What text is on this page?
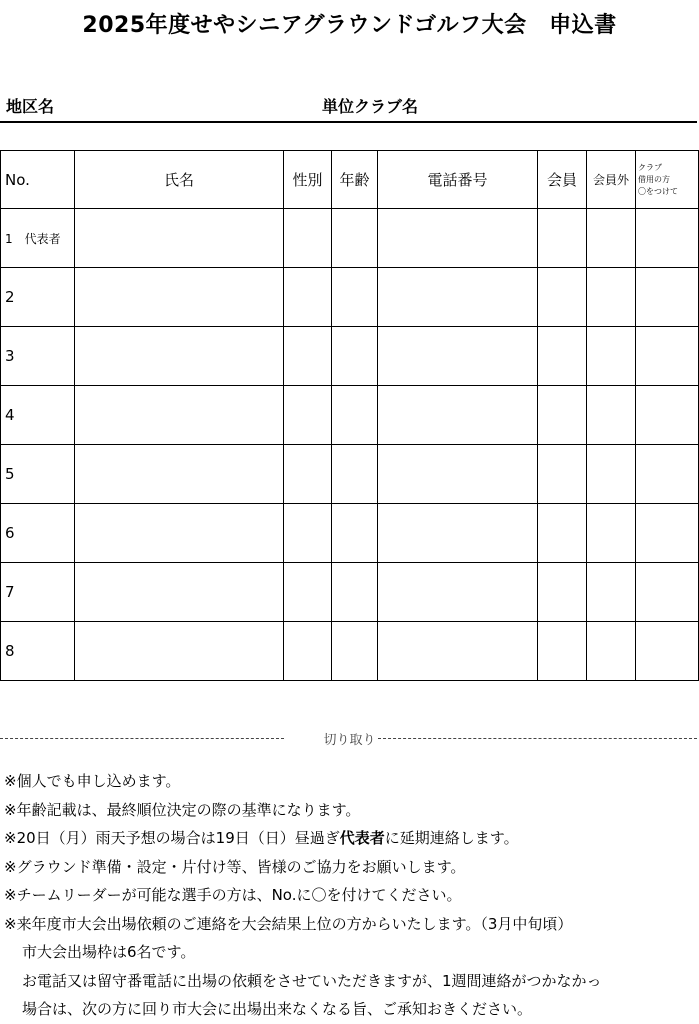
2025年度せやシニアグラウンドゴルフ大会　申込書
地区名	単位クラブ名
No.	氏名	性別	年齢	電話番号	会員	会員外	クラブ
借用の方
〇をつけて

1　 代表者							
2							
3							
4							
5							
6							
7							
8							
切り取り
※個人でも申し込めます。
※年齢記載は、最終順位決定の際の基準になります。
※20日（月）雨天予想の場合は19日（日）昼過ぎ代表者に延期連絡します。
※グラウンド準備・設定・片付け等、皆様のご協力をお願いします。
※チームリーダーが可能な選手の方は、No.に〇を付けてください。
※来年度市大会出場依頼のご連絡を大会結果上位の方からいたします。（3月中旬頃）
市大会出場枠は6名です。
お電話又は留守番電話に出場の依頼をさせていただきますが、1週間連絡がつかなかっ
場合は、次の方に回り市大会に出場出来なくなる旨、ご承知おきください。
